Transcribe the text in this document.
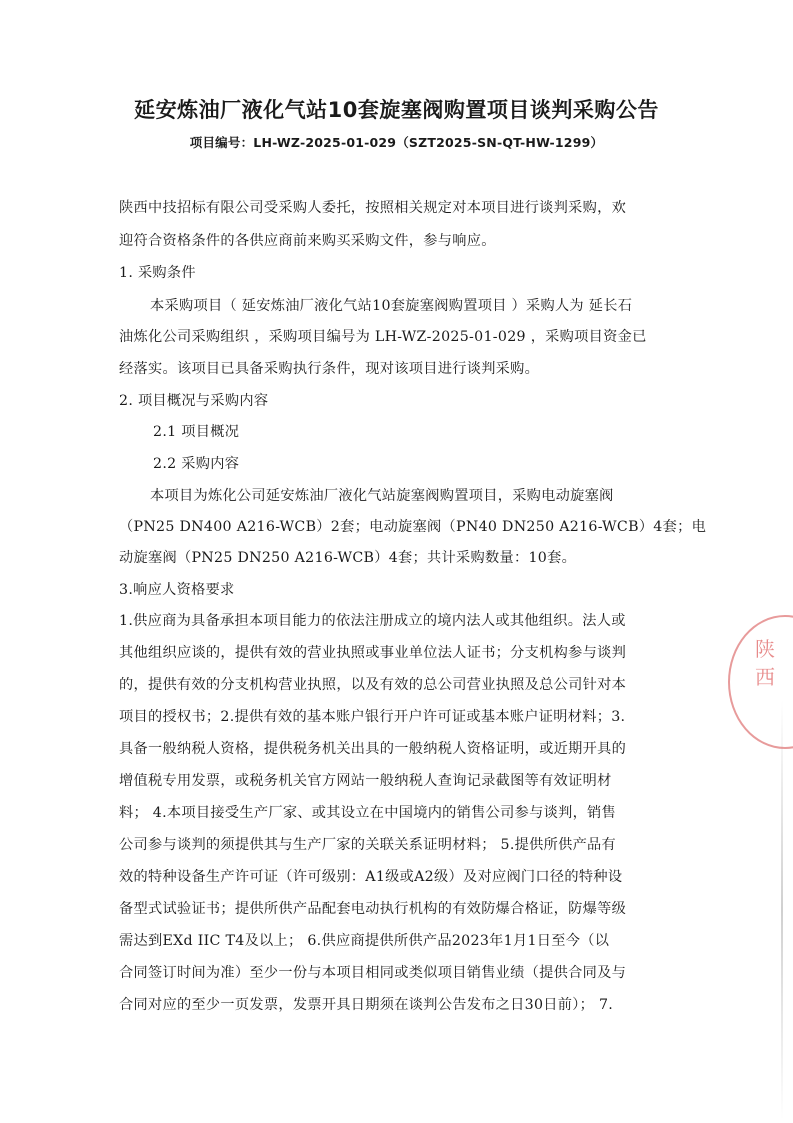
延安炼油厂液化气站10套旋塞阀购置项目谈判采购公告
项目编号：LH-WZ-2025-01-029（SZT2025-SN-QT-HW-1299）
陕西中技招标有限公司受采购人委托，按照相关规定对本项目进行谈判采购，欢
迎符合资格条件的各供应商前来购买采购文件，参与响应。
1. 采购条件
本采购项目（ 延安炼油厂液化气站10套旋塞阀购置项目 ）采购人为 延长石
油炼化公司采购组织 ，采购项目编号为 LH-WZ-2025-01-029 ，采购项目资金已
经落实。该项目已具备采购执行条件，现对该项目进行谈判采购。
2. 项目概况与采购内容
2.1 项目概况
2.2 采购内容
本项目为炼化公司延安炼油厂液化气站旋塞阀购置项目，采购电动旋塞阀
（PN25 DN400 A216-WCB）2套；电动旋塞阀（PN40 DN250 A216-WCB）4套；电
动旋塞阀（PN25 DN250 A216-WCB）4套；共计采购数量：10套。
3.响应人资格要求
1.供应商为具备承担本项目能力的依法注册成立的境内法人或其他组织。法人或
其他组织应谈的，提供有效的营业执照或事业单位法人证书；分支机构参与谈判
的，提供有效的分支机构营业执照，以及有效的总公司营业执照及总公司针对本
项目的授权书；2.提供有效的基本账户银行开户许可证或基本账户证明材料；3.
具备一般纳税人资格，提供税务机关出具的一般纳税人资格证明，或近期开具的
增值税专用发票，或税务机关官方网站一般纳税人查询记录截图等有效证明材
料； 4.本项目接受生产厂家、或其设立在中国境内的销售公司参与谈判，销售
公司参与谈判的须提供其与生产厂家的关联关系证明材料； 5.提供所供产品有
效的特种设备生产许可证（许可级别：A1级或A2级）及对应阀门口径的特种设
备型式试验证书；提供所供产品配套电动执行机构的有效防爆合格证，防爆等级
需达到EXd IIC T4及以上； 6.供应商提供所供产品2023年1月1日至今（以
合同签订时间为准）至少一份与本项目相同或类似项目销售业绩（提供合同及与
合同对应的至少一页发票，发票开具日期须在谈判公告发布之日30日前）； 7.
陕西
